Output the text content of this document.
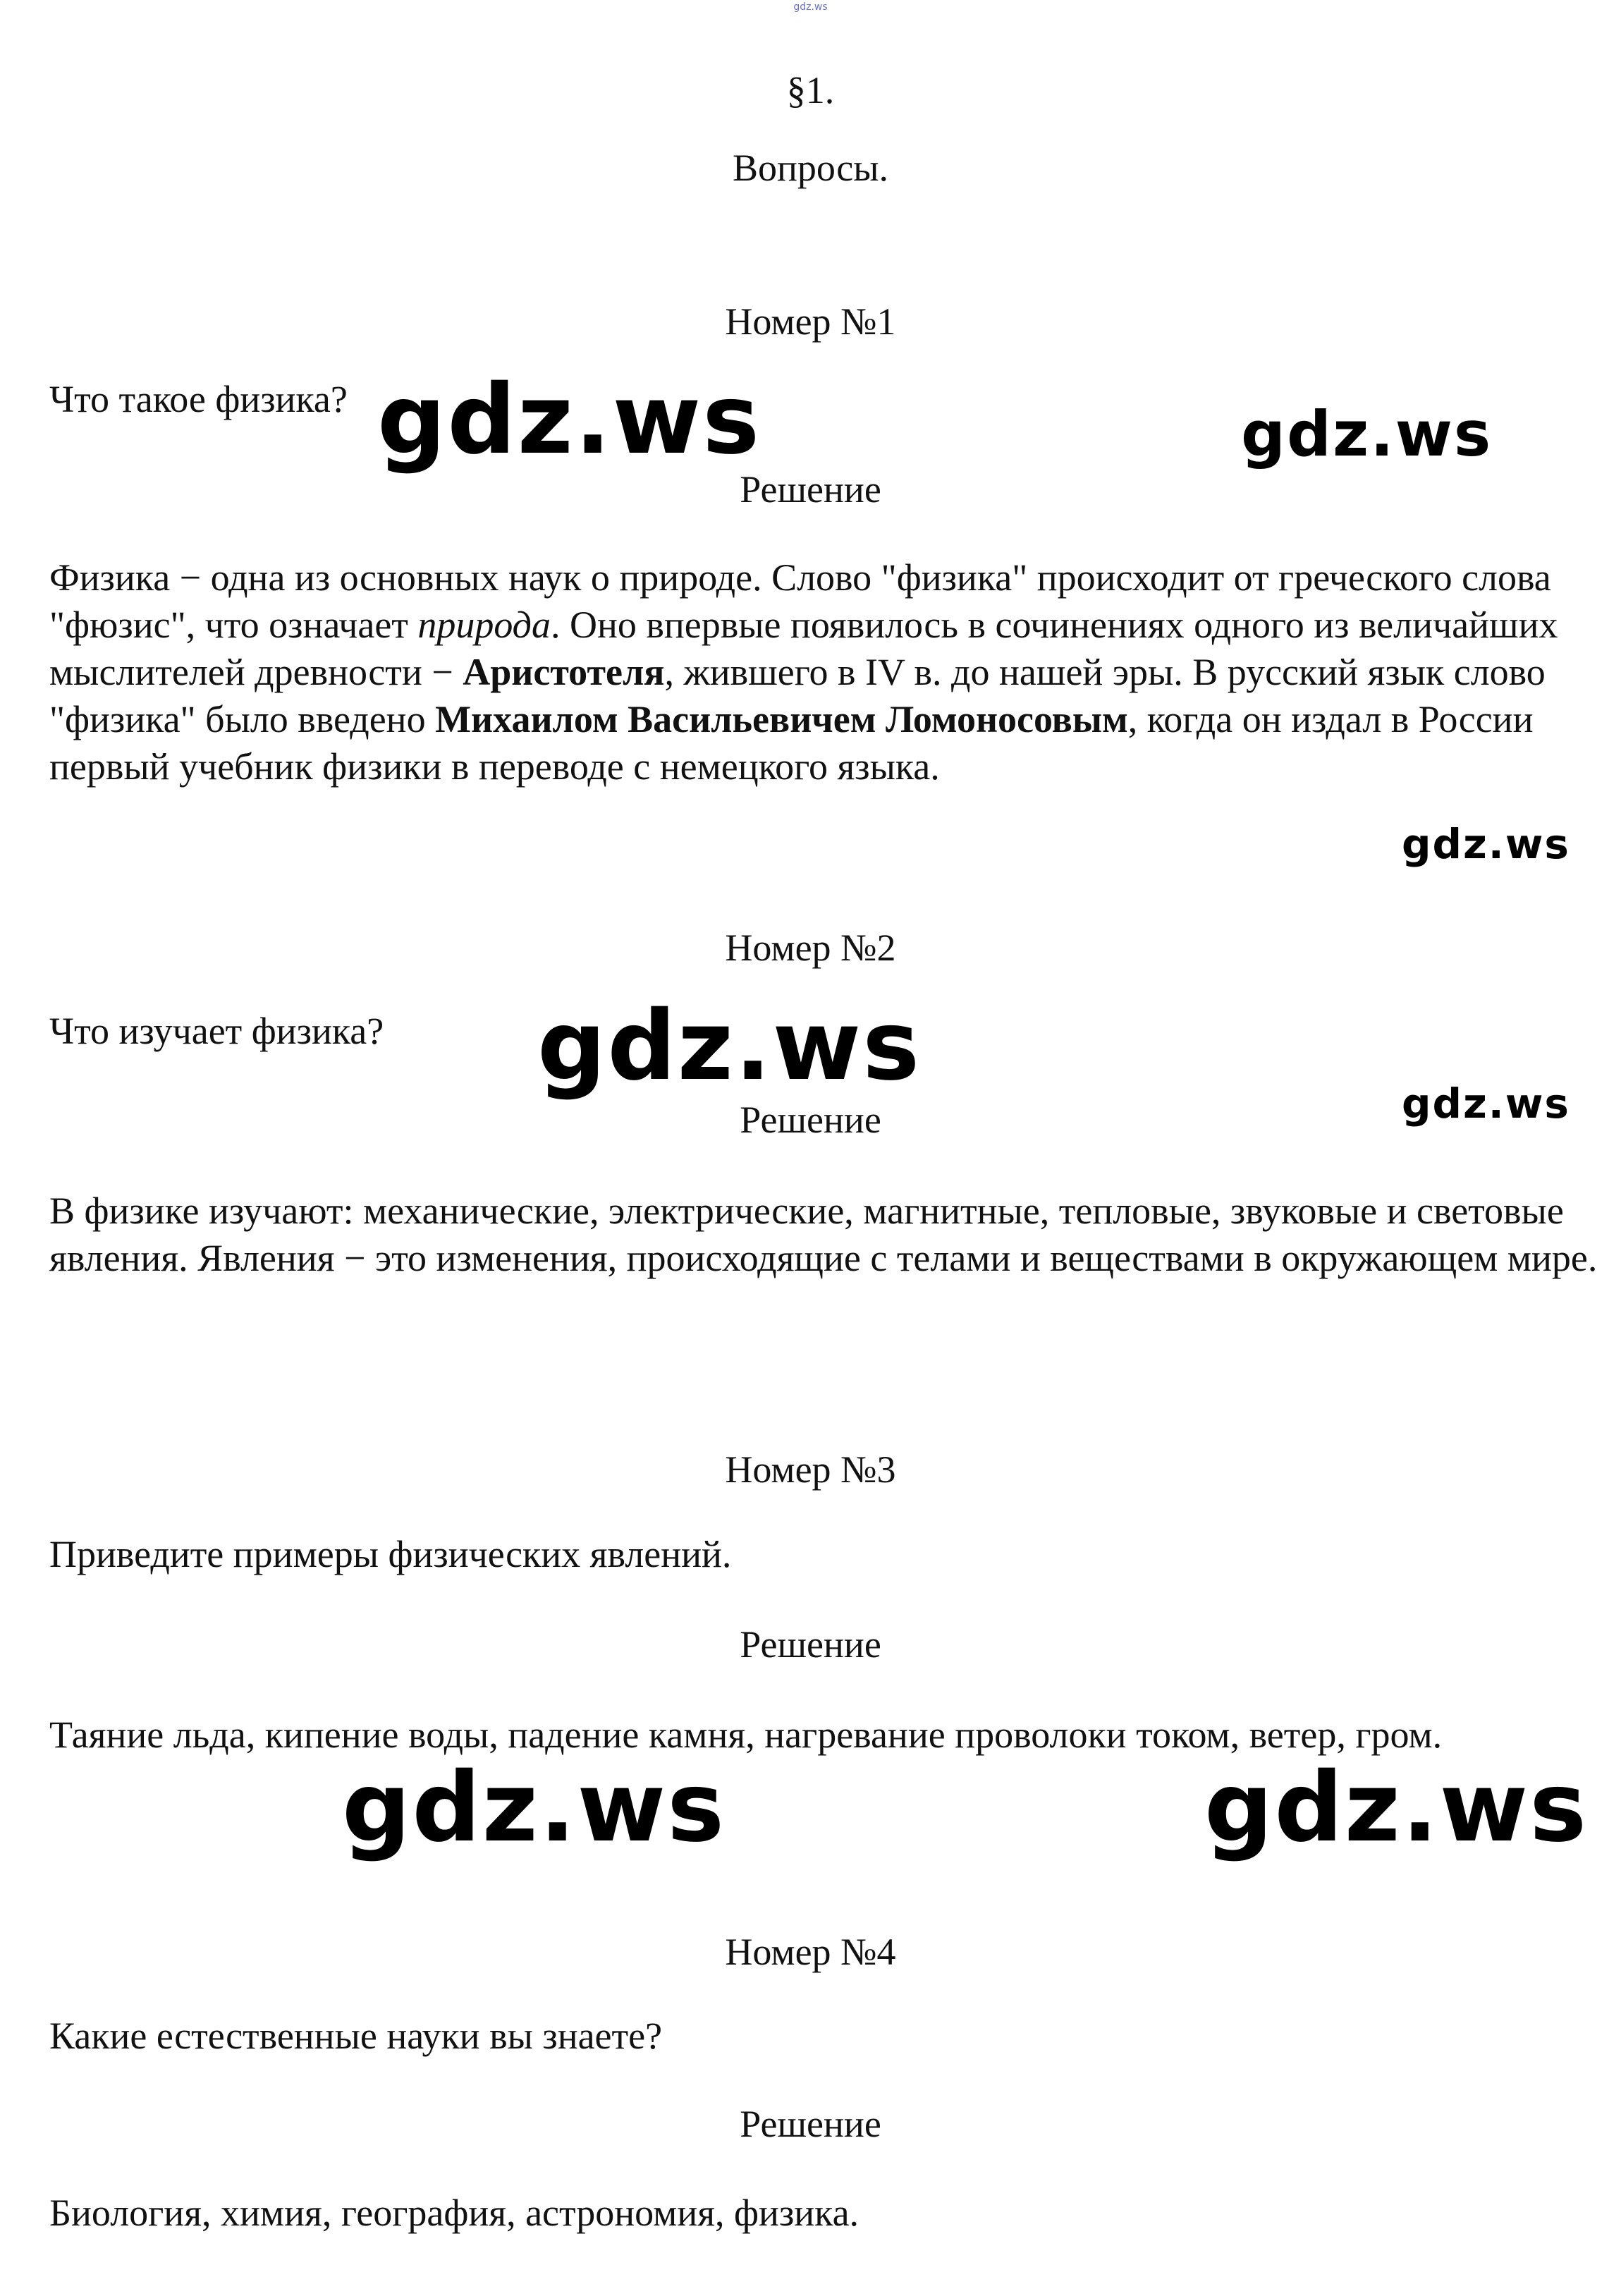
gdz.ws
§1.
Вопросы.
Номер №1
Что такое физика?
Решение

Физика − одна из основных наук о природе. Слово "физика" происходит от греческого слова "фюзис", что означает природа. Оно впервые появилось в сочинениях одного из величайших мыслителей древности − Аристотеля, жившего в IV в. до нашей эры. В русский язык слово "физика" было введено Михаилом Васильевичем Ломоносовым, когда он издал в России первый учебник физики в переводе с немецкого языка.

Номер №2
Что изучает физика?
Решение

В физике изучают: механические, электрические, магнитные, тепловые, звуковые и световые явления. Явления − это изменения, происходящие с телами и веществами в окружающем мире.

Номер №3
Приведите примеры физических явлений.
Решение

Таяние льда, кипение воды, падение камня, нагревание проволоки током, ветер, гром.

Номер №4
Какие естественные науки вы знаете?
Решение
Биология, химия, география, астрономия, физика.
gdz.ws	gdz.ws
gdz.ws
gdz.ws
gdz.ws
gdz.ws	gdz.ws
